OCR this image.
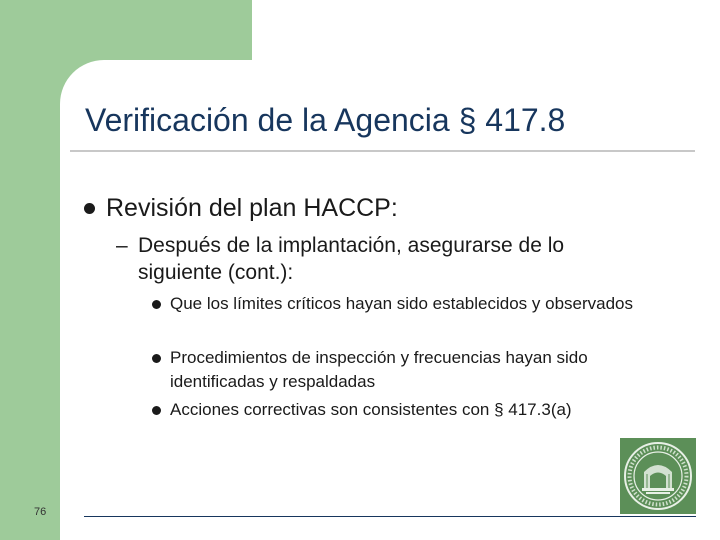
Verificación de la Agencia § 417.8
Revisión del plan HACCP:
– Después de la implantación, asegurarse de lo siguiente (cont.):
Que los límites críticos hayan sido establecidos y observados
Procedimientos de inspección y frecuencias hayan sido identificadas y respaldadas
Acciones correctivas son consistentes con § 417.3(a)
76
